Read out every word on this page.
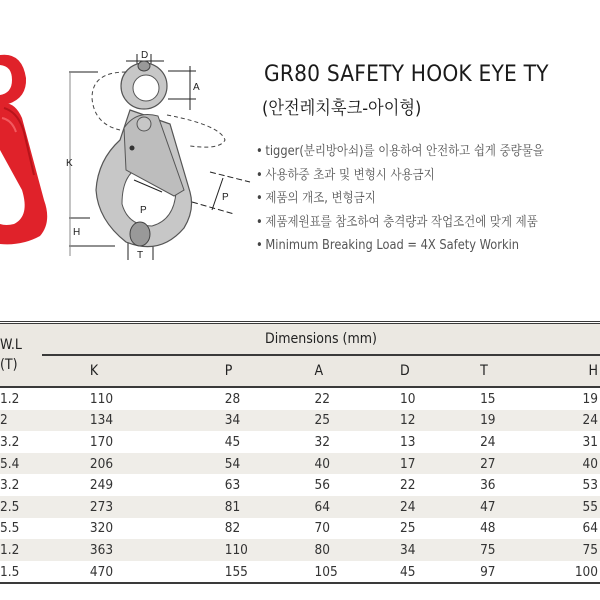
D
A
K
P
P
H
T
GR80 SAFETY HOOK EYE TY
(안전레치훅크-아이형)
• tigger(분리방아쇠)를 이용하여 안전하고 쉽게 중량물을
• 사용하중 초과 및 변형시 사용금지
• 제품의 개조, 변형금지
• 제품제원표를 참조하여 충격량과 작업조건에 맞게 제품
• Minimum Breaking Load = 4X Safety Workin
W.L
(T)	Dimensions (mm)					
	K	P	A	D	T	H
1.2	110	28	22	10	15	19
2	134	34	25	12	19	24
3.2	170	45	32	13	24	31
5.4	206	54	40	17	27	40
3.2	249	63	56	22	36	53
2.5	273	81	64	24	47	55
5.5	320	82	70	25	48	64
1.2	363	110	80	34	75	75
1.5	470	155	105	45	97	100
